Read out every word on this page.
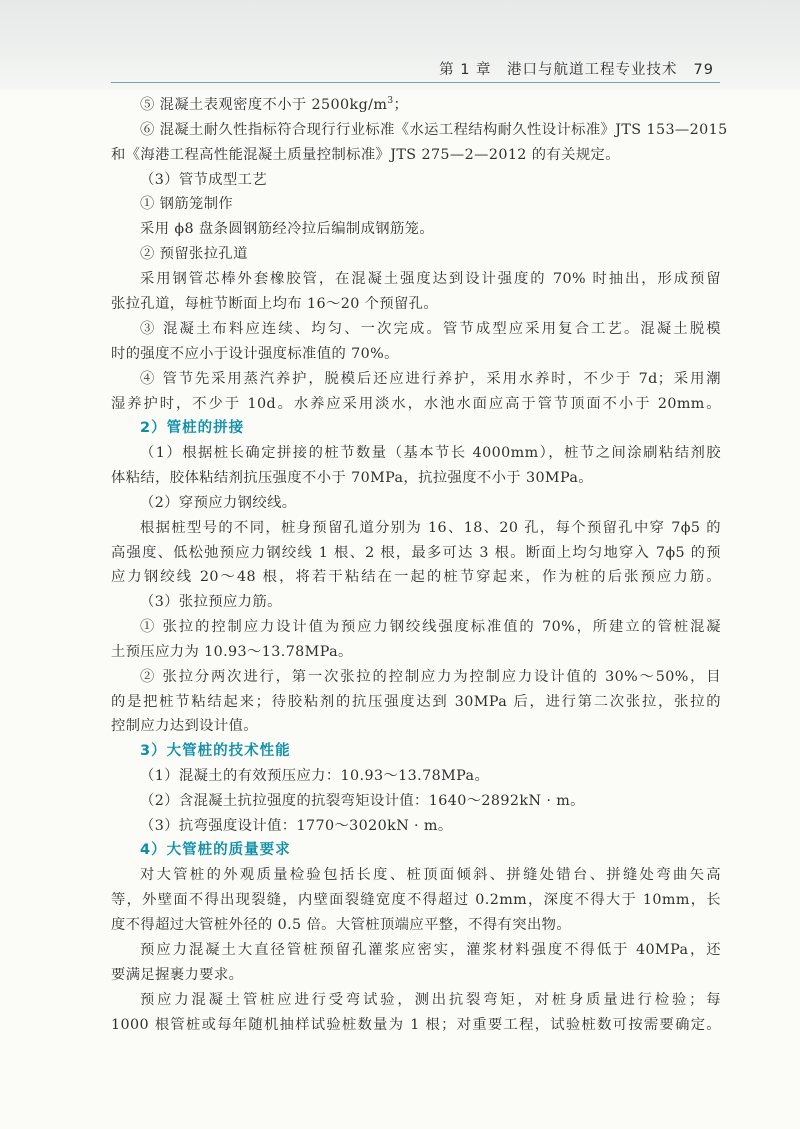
第 1 章　港口与航道工程专业技术 79
⑤ 混凝土表观密度不小于 $2500kg/m^3$；
⑥ 混凝土耐久性指标符合现行行业标准《水运工程结构耐久性设计标准》JTS 153—2015
和《海港工程高性能混凝土质量控制标准》JTS 275—2—2012 的有关规定。
（3）管节成型工艺
① 钢筋笼制作
采用 ϕ8 盘条圆钢筋经冷拉后编制成钢筋笼。
② 预留张拉孔道
采用钢管芯棒外套橡胶管，在混凝土强度达到设计强度的 70% 时抽出，形成预留
张拉孔道，每桩节断面上均布 16～20 个预留孔。
③ 混凝土布料应连续、均匀、一次完成。管节成型应采用复合工艺。混凝土脱模
时的强度不应小于设计强度标准值的 70%。
④ 管节先采用蒸汽养护，脱模后还应进行养护，采用水养时，不少于 7d；采用潮
湿养护时，不少于 10d。水养应采用淡水，水池水面应高于管节顶面不小于 20mm。
2）管桩的拼接
（1）根据桩长确定拼接的桩节数量（基本节长 4000mm），桩节之间涂刷粘结剂胶
体粘结，胶体粘结剂抗压强度不小于 70MPa，抗拉强度不小于 30MPa。
（2）穿预应力钢绞线。
根据桩型号的不同，桩身预留孔道分别为 16、18、20 孔，每个预留孔中穿 7ϕ5 的
高强度、低松弛预应力钢绞线 1 根、2 根，最多可达 3 根。断面上均匀地穿入 7ϕ5 的预
应力钢绞线 20～48 根，将若干粘结在一起的桩节穿起来，作为桩的后张预应力筋。
（3）张拉预应力筋。
① 张拉的控制应力设计值为预应力钢绞线强度标准值的 70%，所建立的管桩混凝
土预压应力为 10.93～13.78MPa。
② 张拉分两次进行，第一次张拉的控制应力为控制应力设计值的 30%～50%，目
的是把桩节粘结起来；待胶粘剂的抗压强度达到 30MPa 后，进行第二次张拉，张拉的
控制应力达到设计值。
3）大管桩的技术性能
（1）混凝土的有效预压应力：10.93～13.78MPa。
（2）含混凝土抗拉强度的抗裂弯矩设计值：1640～2892kN · m。
（3）抗弯强度设计值：1770～3020kN · m。
4）大管桩的质量要求
对大管桩的外观质量检验包括长度、桩顶面倾斜、拼缝处错台、拼缝处弯曲矢高
等，外壁面不得出现裂缝，内壁面裂缝宽度不得超过 0.2mm，深度不得大于 10mm，长
度不得超过大管桩外径的 0.5 倍。大管桩顶端应平整，不得有突出物。
预应力混凝土大直径管桩预留孔灌浆应密实，灌浆材料强度不得低于 40MPa，还
要满足握裹力要求。
预应力混凝土管桩应进行受弯试验，测出抗裂弯矩，对桩身质量进行检验；每
1000 根管桩或每年随机抽样试验桩数量为 1 根；对重要工程，试验桩数可按需要确定。
